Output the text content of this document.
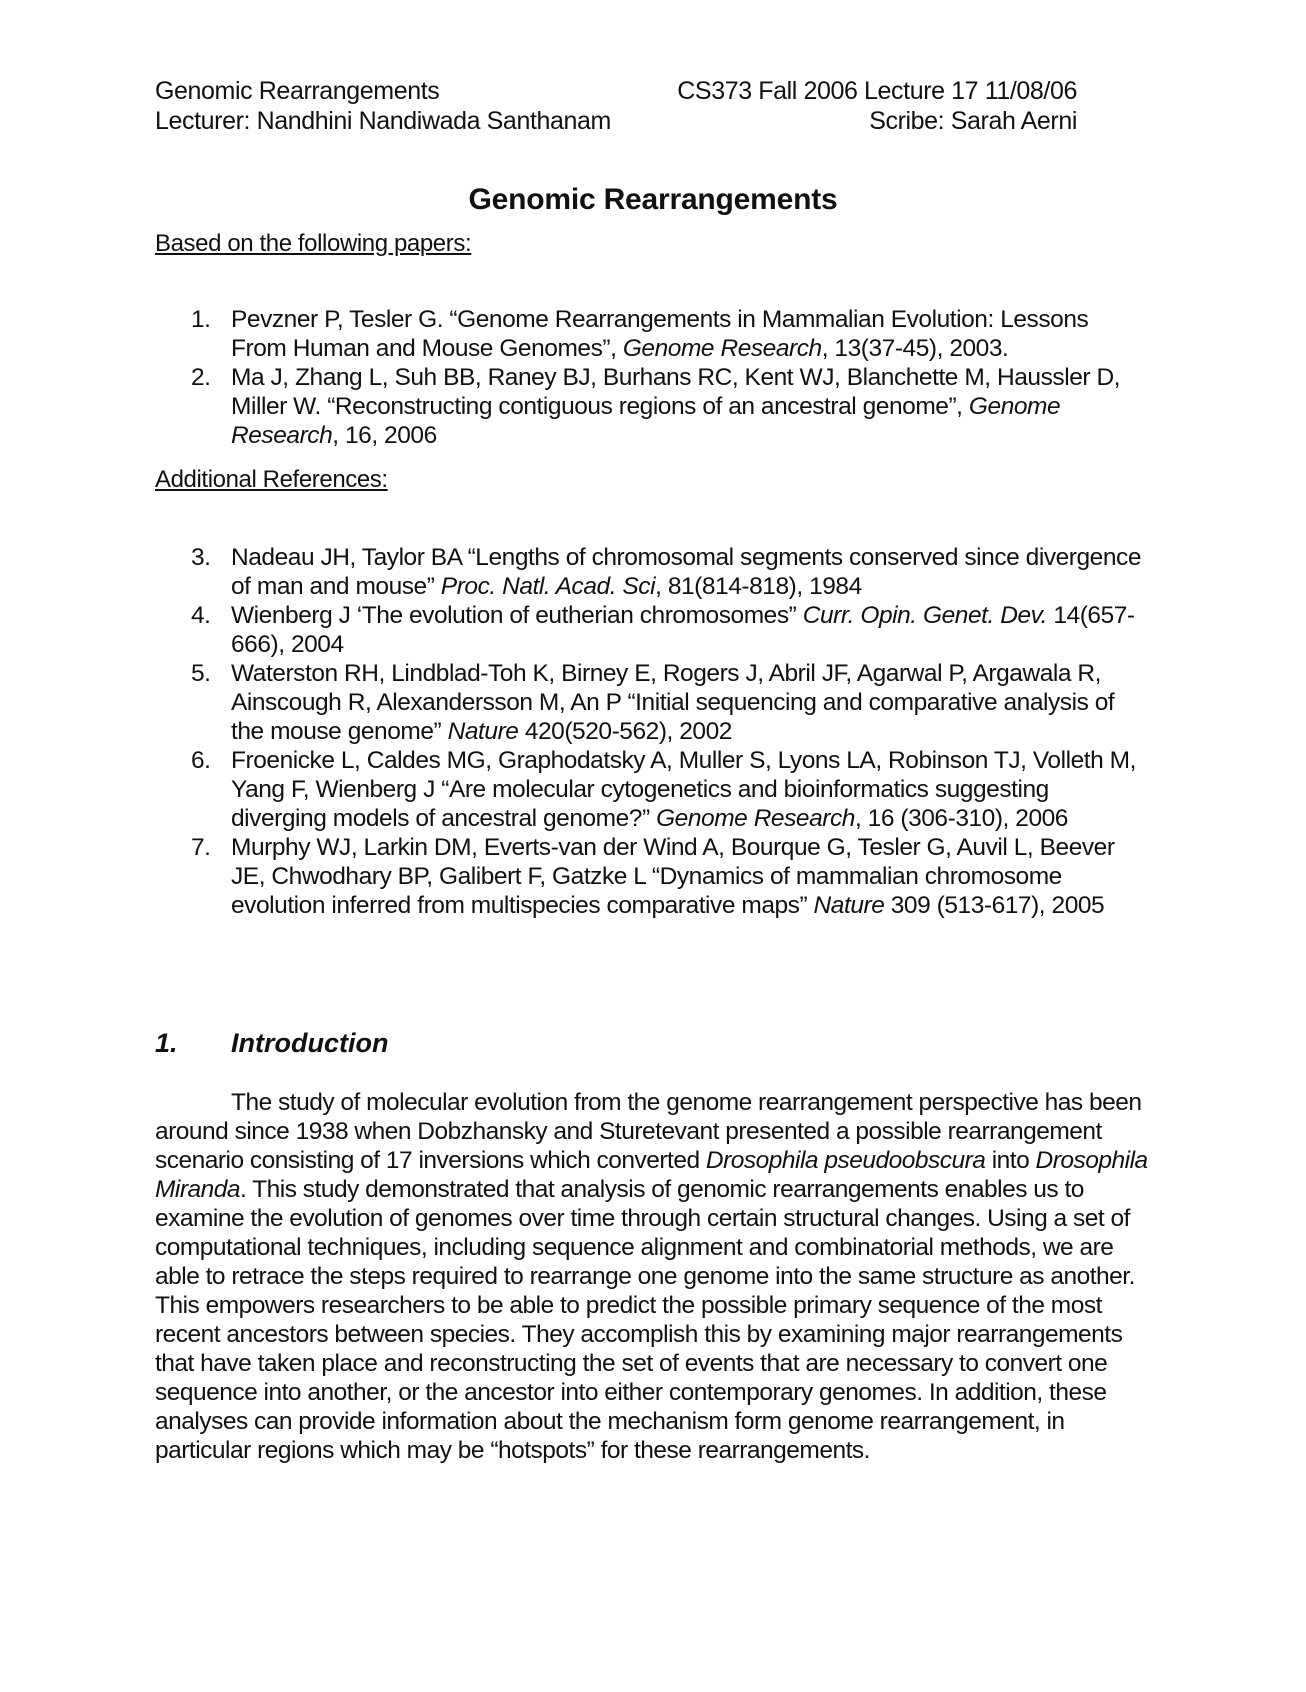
Genomic Rearrangements	CS373 Fall 2006 Lecture 17 11/08/06
Lecturer: Nandhini Nandiwada Santhanam	Scribe: Sarah Aerni
Genomic Rearrangements
Based on the following papers:
1. Pevzner P, Tesler G. “Genome Rearrangements in Mammalian Evolution: Lessons From Human and Mouse Genomes”, Genome Research, 13(37-45), 2003.
2. Ma J, Zhang L, Suh BB, Raney BJ, Burhans RC, Kent WJ, Blanchette M, Haussler D, Miller W. “Reconstructing contiguous regions of an ancestral genome”, Genome Research, 16, 2006
Additional References:
3. Nadeau JH, Taylor BA “Lengths of chromosomal segments conserved since divergence of man and mouse” Proc. Natl. Acad. Sci, 81(814-818), 1984
4. Wienberg J ‘The evolution of eutherian chromosomes” Curr. Opin. Genet. Dev. 14(657-666), 2004
5. Waterston RH, Lindblad-Toh K, Birney E, Rogers J, Abril JF, Agarwal P, Argawala R, Ainscough R, Alexandersson M, An P “Initial sequencing and comparative analysis of the mouse genome” Nature 420(520-562), 2002
6. Froenicke L, Caldes MG, Graphodatsky A, Muller S, Lyons LA, Robinson TJ, Volleth M, Yang F, Wienberg J “Are molecular cytogenetics and bioinformatics suggesting diverging models of ancestral genome?” Genome Research, 16 (306-310), 2006
7. Murphy WJ, Larkin DM, Everts-van der Wind A, Bourque G, Tesler G, Auvil L, Beever JE, Chwodhary BP, Galibert F, Gatzke L “Dynamics of mammalian chromosome evolution inferred from multispecies comparative maps” Nature 309 (513-617), 2005
1. Introduction

The study of molecular evolution from the genome rearrangement perspective has been around since 1938 when Dobzhansky and Sturetevant presented a possible rearrangement scenario consisting of 17 inversions which converted Drosophila pseudoobscura into Drosophila Miranda. This study demonstrated that analysis of genomic rearrangements enables us to examine the evolution of genomes over time through certain structural changes. Using a set of computational techniques, including sequence alignment and combinatorial methods, we are able to retrace the steps required to rearrange one genome into the same structure as another. This empowers researchers to be able to predict the possible primary sequence of the most recent ancestors between species. They accomplish this by examining major rearrangements that have taken place and reconstructing the set of events that are necessary to convert one sequence into another, or the ancestor into either contemporary genomes. In addition, these analyses can provide information about the mechanism form genome rearrangement, in particular regions which may be “hotspots” for these rearrangements.
